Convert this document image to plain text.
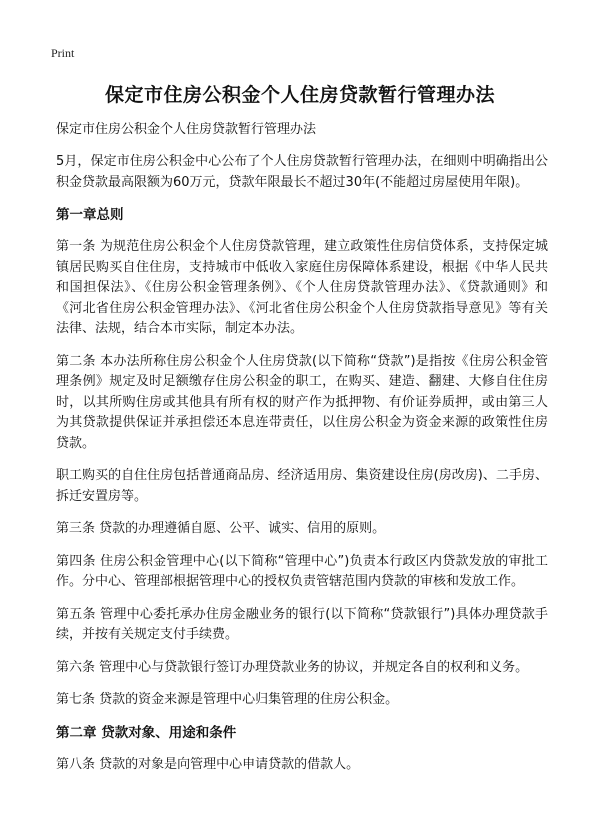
Print
保定市住房公积金个人住房贷款暂行管理办法

保定市住房公积金个人住房贷款暂行管理办法

5月，保定市住房公积金中心公布了个人住房贷款暂行管理办法，在细则中明确指出公积金贷款最高限额为60万元，贷款年限最长不超过30年(不能超过房屋使用年限)。

第一章总则

第一条 为规范住房公积金个人住房贷款管理，建立政策性住房信贷体系，支持保定城镇居民购买自住住房，支持城市中低收入家庭住房保障体系建设，根据《中华人民共和国担保法》、《住房公积金管理条例》、《个人住房贷款管理办法》、《贷款通则》和《河北省住房公积金管理办法》、《河北省住房公积金个人住房贷款指导意见》等有关法律、法规，结合本市实际，制定本办法。

第二条 本办法所称住房公积金个人住房贷款(以下简称“贷款”)是指按《住房公积金管理条例》规定及时足额缴存住房公积金的职工，在购买、建造、翻建、大修自住住房时，以其所购住房或其他具有所有权的财产作为抵押物、有价证券质押，或由第三人为其贷款提供保证并承担偿还本息连带责任，以住房公积金为资金来源的政策性住房贷款。

职工购买的自住住房包括普通商品房、经济适用房、集资建设住房(房改房)、二手房、拆迁安置房等。

第三条 贷款的办理遵循自愿、公平、诚实、信用的原则。

第四条 住房公积金管理中心(以下简称“管理中心”)负责本行政区内贷款发放的审批工作。分中心、管理部根据管理中心的授权负责管辖范围内贷款的审核和发放工作。

第五条 管理中心委托承办住房金融业务的银行(以下简称“贷款银行”)具体办理贷款手续，并按有关规定支付手续费。

第六条 管理中心与贷款银行签订办理贷款业务的协议，并规定各自的权利和义务。

第七条 贷款的资金来源是管理中心归集管理的住房公积金。

第二章 贷款对象、用途和条件

第八条 贷款的对象是向管理中心申请贷款的借款人。
